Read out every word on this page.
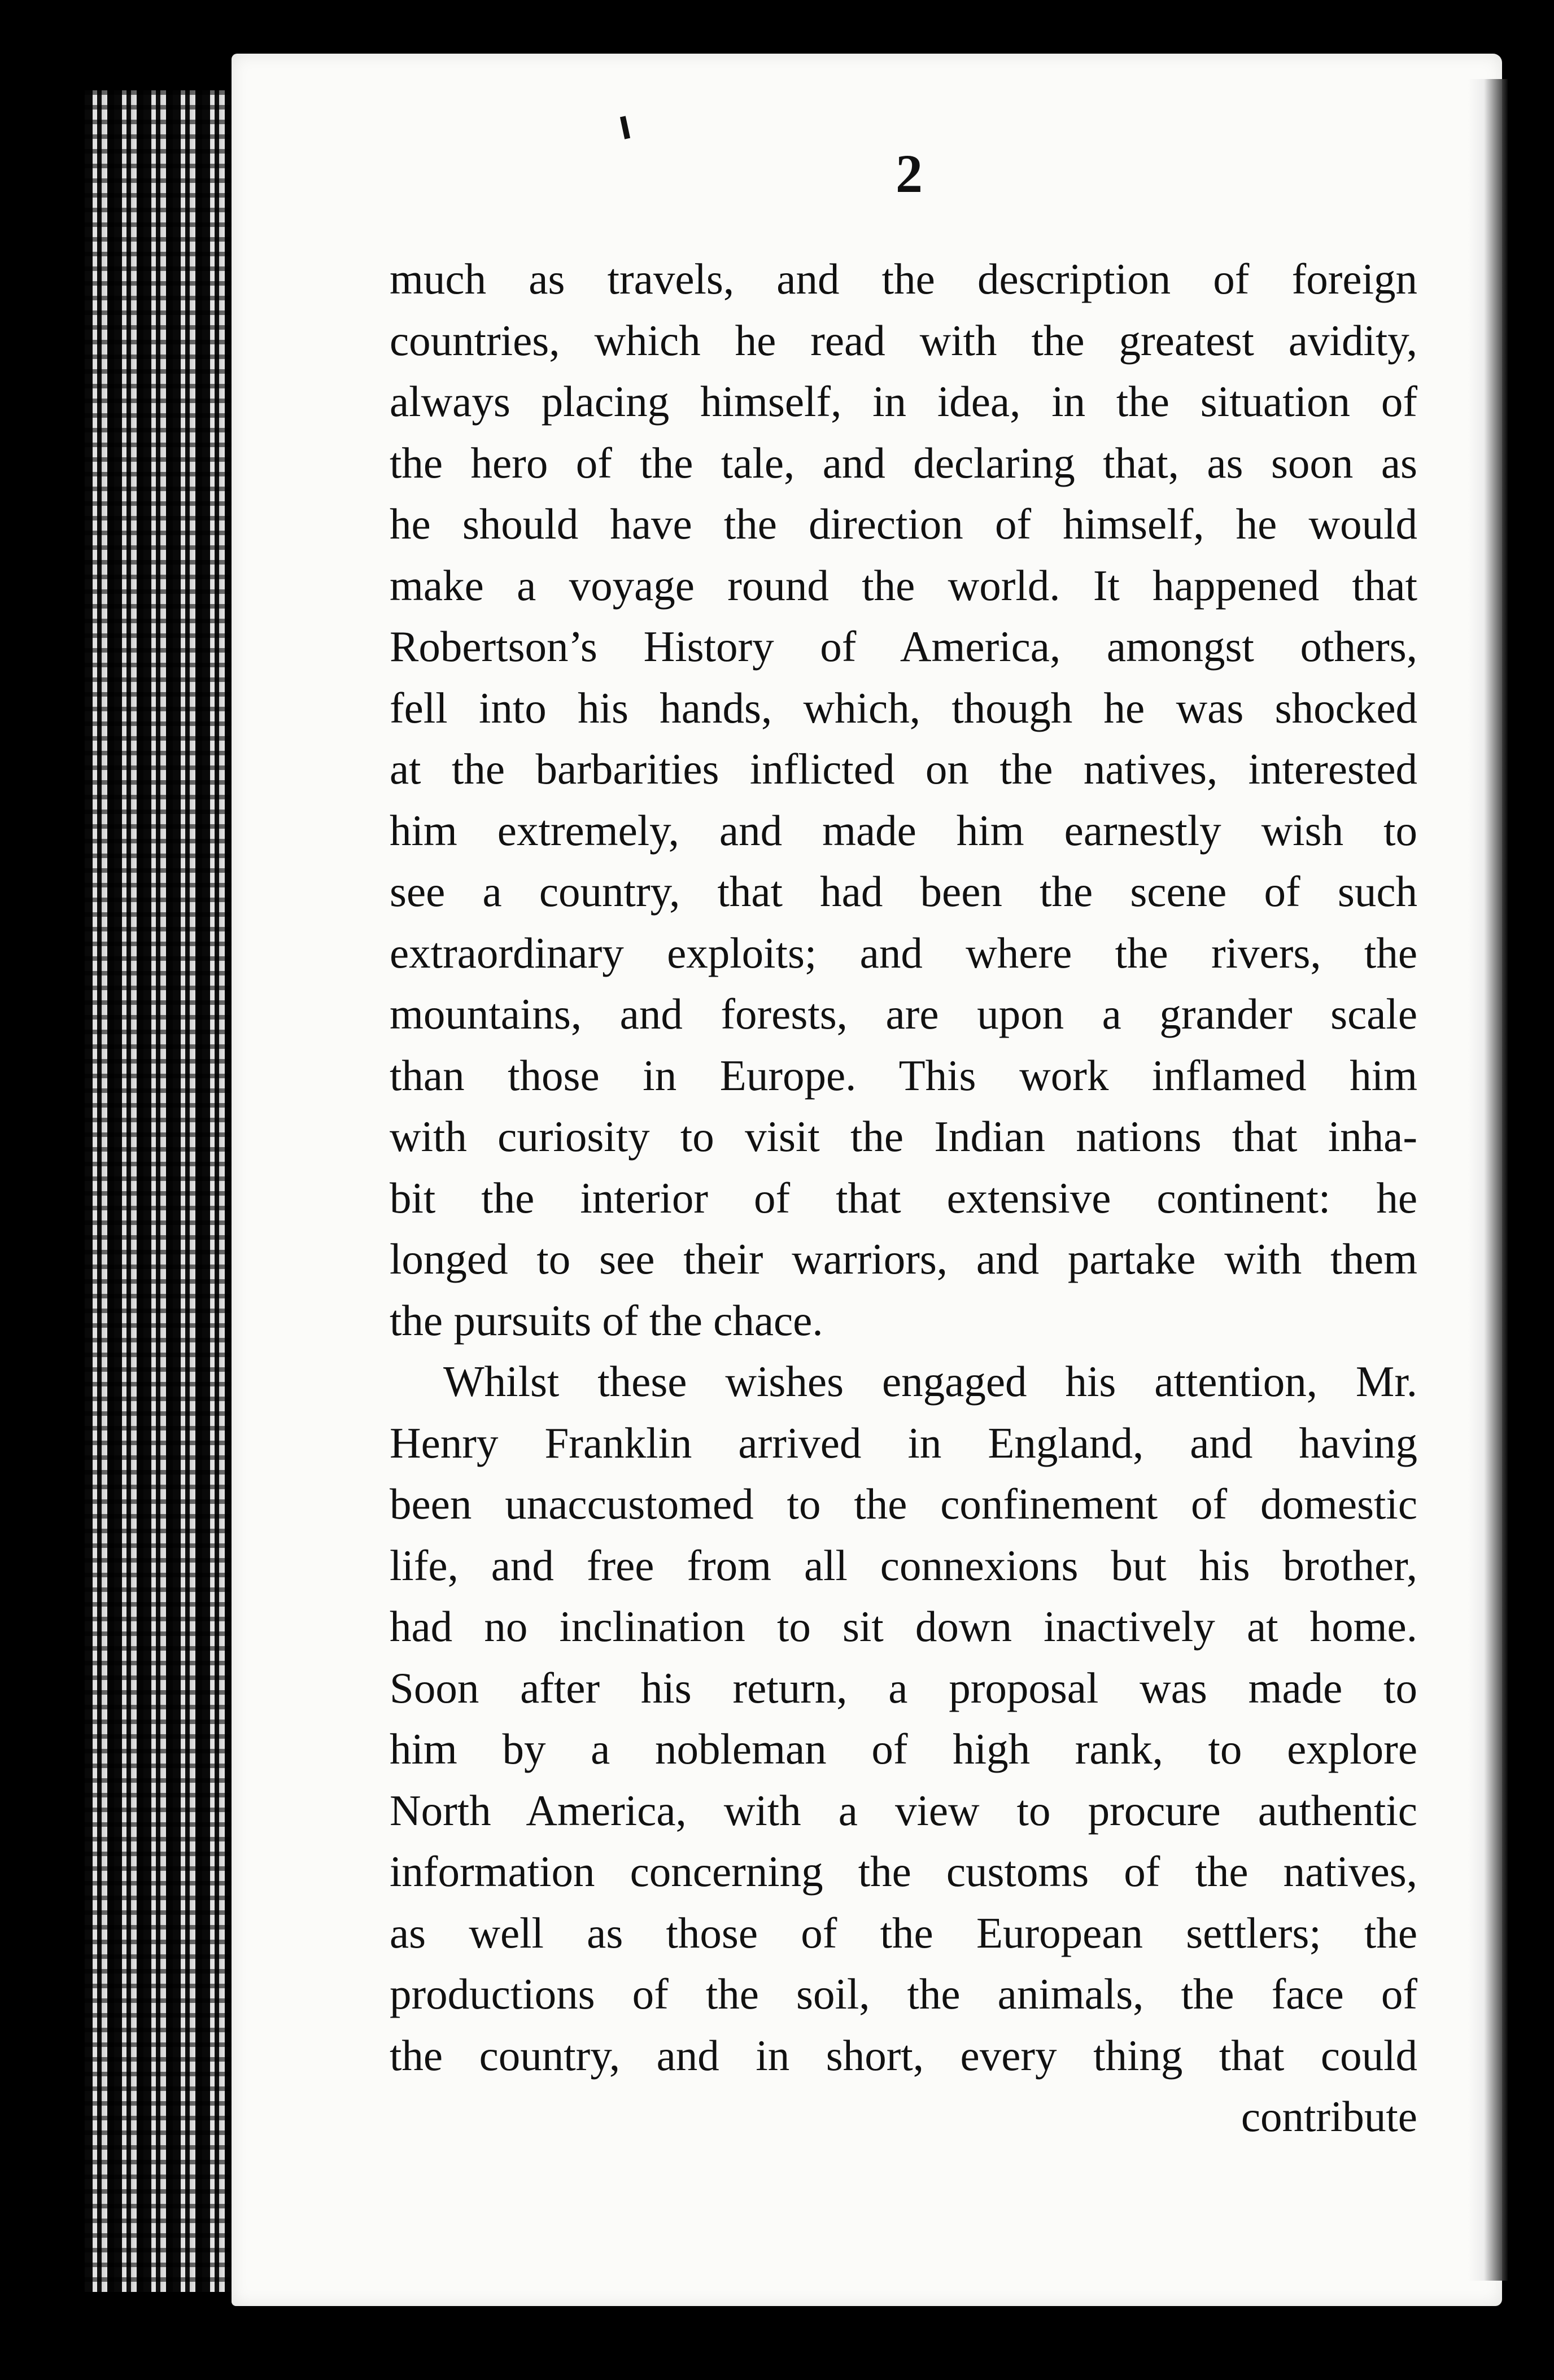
2
much as travels, and the description of foreign
countries, which he read with the greatest avidity,
always placing himself, in idea, in the situation of
the hero of the tale, and declaring that, as soon as
he should have the direction of himself, he would
make a voyage round the world. It happened that
Robertson’s History of America, amongst others,
fell into his hands, which, though he was shocked
at the barbarities inflicted on the natives, interested
him extremely, and made him earnestly wish to
see a country, that had been the scene of such
extraordinary exploits; and where the rivers, the
mountains, and forests, are upon a grander scale
than those in Europe. This work inflamed him
with curiosity to visit the Indian nations that inha-
bit the interior of that extensive continent: he
longed to see their warriors, and partake with them
the pursuits of the chace.
Whilst these wishes engaged his attention, Mr.
Henry Franklin arrived in England, and having
been unaccustomed to the confinement of domestic
life, and free from all connexions but his brother,
had no inclination to sit down inactively at home.
Soon after his return, a proposal was made to
him by a nobleman of high rank, to explore
North America, with a view to procure authentic
information concerning the customs of the natives,
as well as those of the European settlers; the
productions of the soil, the animals, the face of
the country, and in short, every thing that could
contribute
